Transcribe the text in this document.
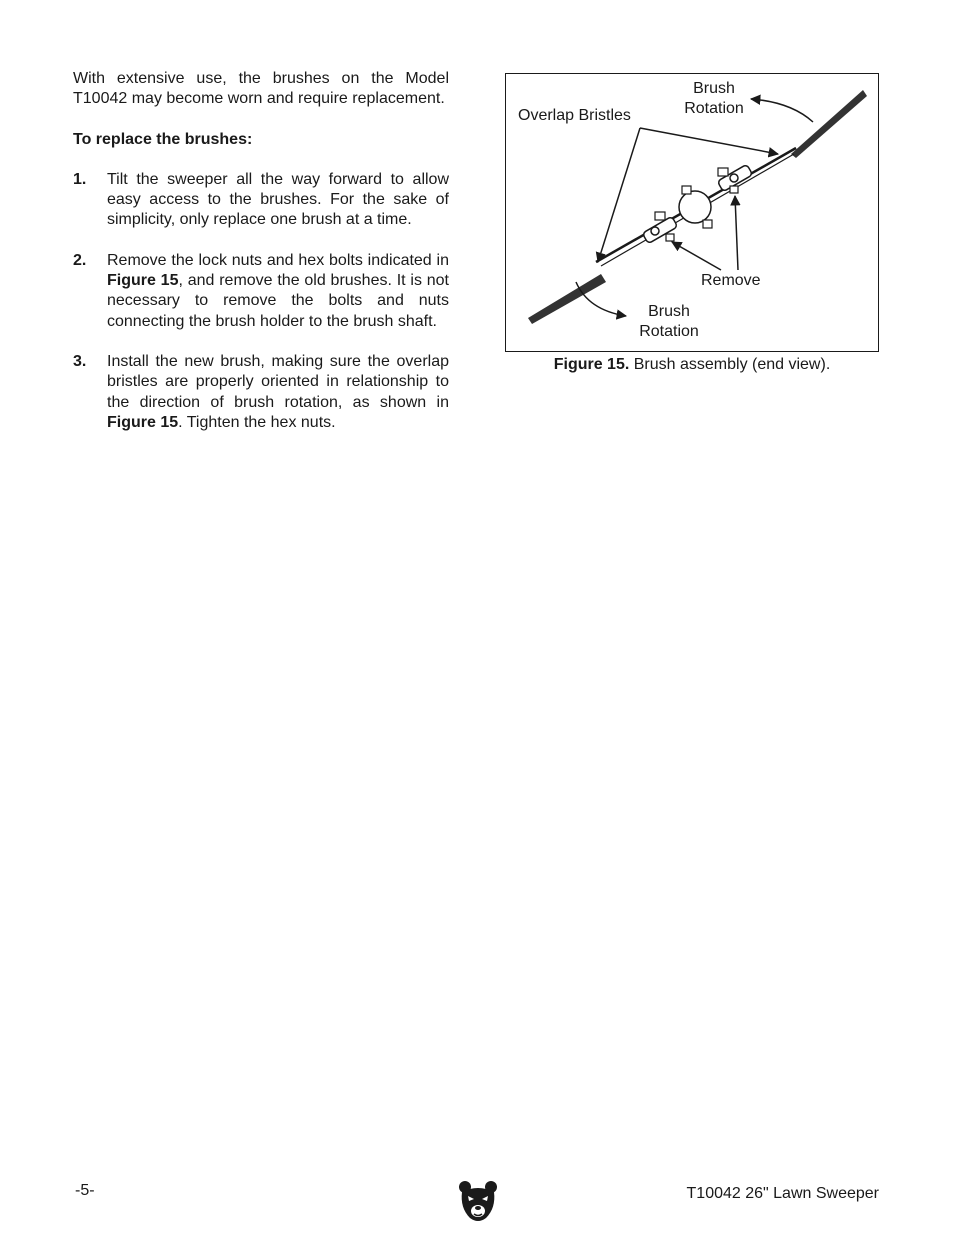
With extensive use, the brushes on the Model T10042 may become worn and require replacement.

To replace the brushes:

1.	Tilt the sweeper all the way forward to allow easy access to the brushes. For the sake of simplicity, only replace one brush at a time.
2.	Remove the lock nuts and hex bolts indicated in Figure 15, and remove the old brushes. It is not necessary to remove the bolts and nuts connecting the brush holder to the brush shaft.
3.	Install the new brush, making sure the overlap bristles are properly oriented in relationship to the direction of brush rotation, as shown in Figure 15. Tighten the hex nuts.
Overlap Bristles
Brush
Rotation
Remove
Brush
Rotation
Figure 15. Brush assembly (end view).
-5-	T10042 26" Lawn Sweeper
